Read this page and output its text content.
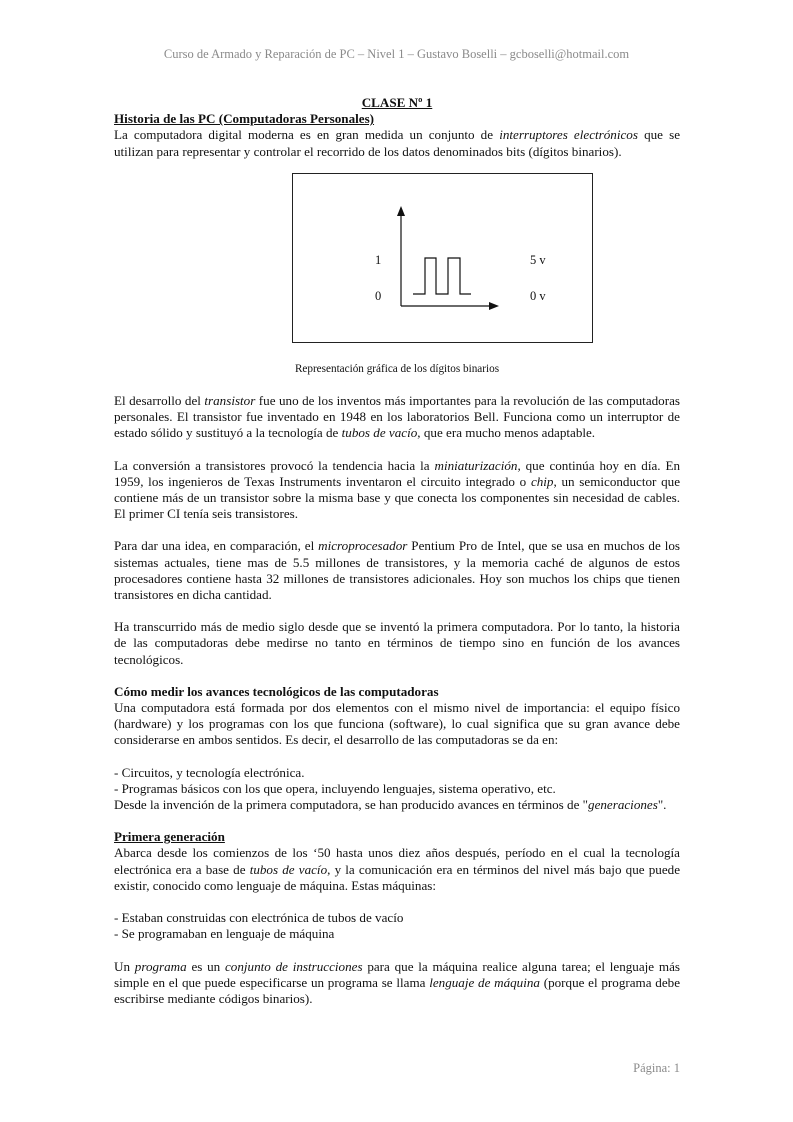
Curso de Armado y Reparación de PC – Nivel 1 – Gustavo Boselli – gcboselli@hotmail.com

CLASE Nº 1

Historia de las PC (Computadoras Personales)

La computadora digital moderna es en gran medida un conjunto de interruptores electrónicos que se utilizan para representar y controlar el recorrido de los datos denominados bits (dígitos binarios).

1
0
5 v
0 v
Representación gráfica de los dígitos binarios

El desarrollo del transistor fue uno de los inventos más importantes para la revolución de las computadoras personales. El transistor fue inventado en 1948 en los laboratorios Bell. Funciona como un interruptor de estado sólido y sustituyó a la tecnología de tubos de vacío, que era mucho menos adaptable.

La conversión a transistores provocó la tendencia hacia la miniaturización, que continúa hoy en día. En 1959, los ingenieros de Texas Instruments inventaron el circuito integrado o chip, un semiconductor que contiene más de un transistor sobre la misma base y que conecta los componentes sin necesidad de cables. El primer CI tenía seis transistores.

Para dar una idea, en comparación, el microprocesador Pentium Pro de Intel, que se usa en muchos de los sistemas actuales, tiene mas de 5.5 millones de transistores, y la memoria caché de algunos de estos procesadores contiene hasta 32 millones de transistores adicionales. Hoy son muchos los chips que tienen transistores en dicha cantidad.

Ha transcurrido más de medio siglo desde que se inventó la primera computadora. Por lo tanto, la historia de las computadoras debe medirse no tanto en términos de tiempo sino en función de los avances tecnológicos.

Cómo medir los avances tecnológicos de las computadoras

Una computadora está formada por dos elementos con el mismo nivel de importancia: el equipo físico (hardware) y los programas con los que funciona (software), lo cual significa que su gran avance debe considerarse en ambos sentidos. Es decir, el desarrollo de las computadoras se da en:

- Circuitos, y tecnología electrónica.

- Programas básicos con los que opera, incluyendo lenguajes, sistema operativo, etc.

Desde la invención de la primera computadora, se han producido avances en términos de "generaciones".

Primera generación

Abarca desde los comienzos de los ‘50 hasta unos diez años después, período en el cual la tecnología electrónica era a base de tubos de vacío, y la comunicación era en términos del nivel más bajo que puede existir, conocido como lenguaje de máquina. Estas máquinas:

- Estaban construidas con electrónica de tubos de vacío

- Se programaban en lenguaje de máquina

Un programa es un conjunto de instrucciones para que la máquina realice alguna tarea; el lenguaje más simple en el que puede especificarse un programa se llama lenguaje de máquina (porque el programa debe escribirse mediante códigos binarios).

Página: 1
